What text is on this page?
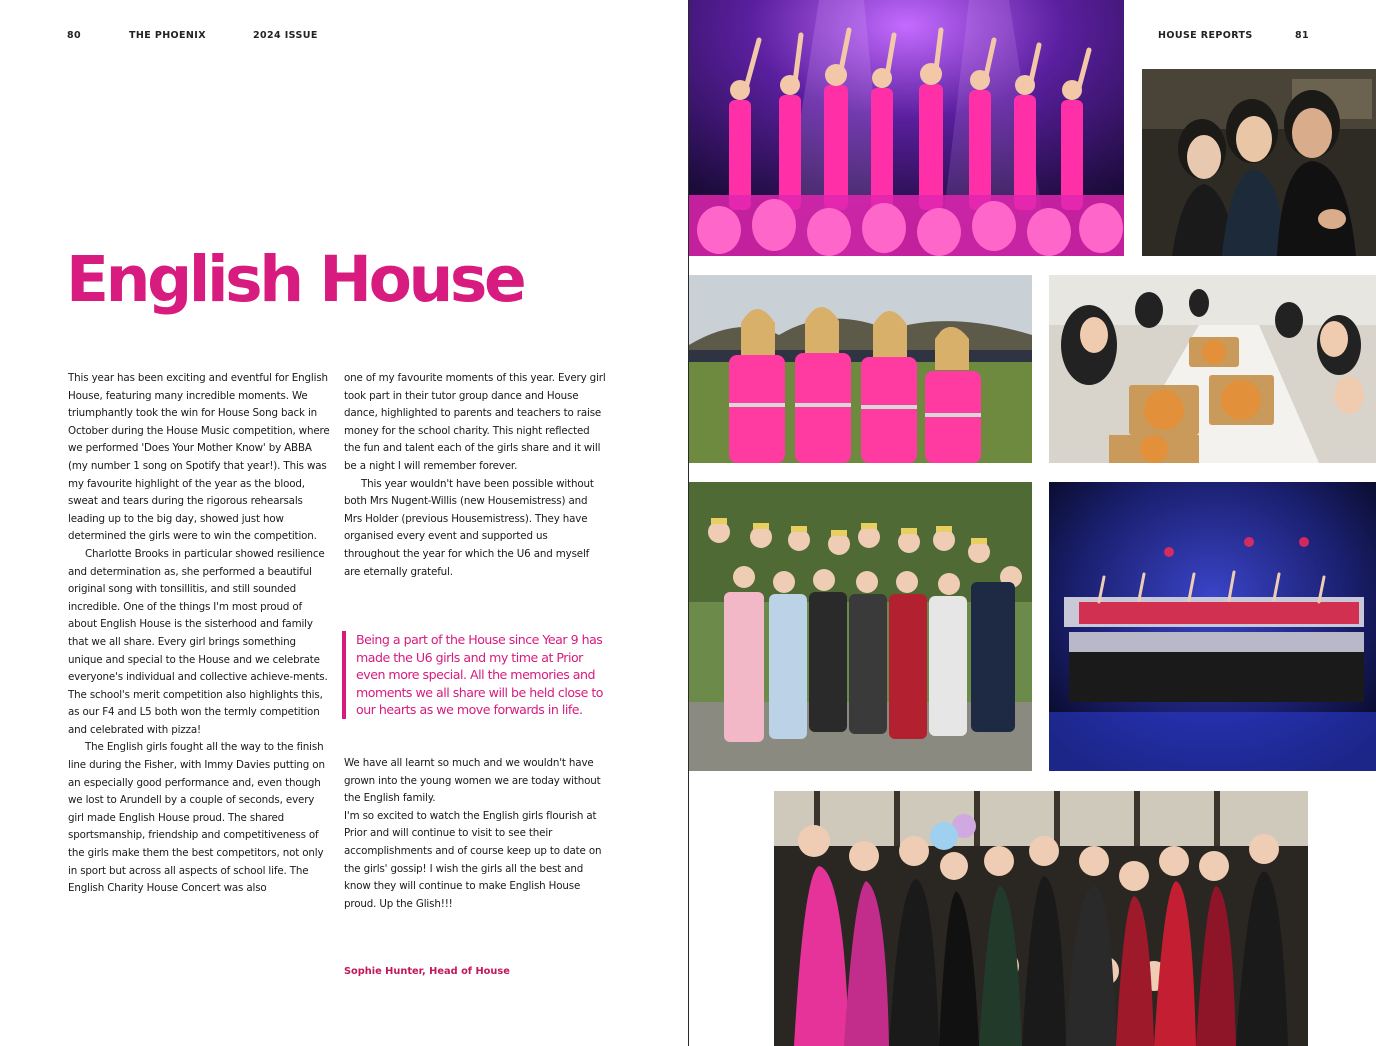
80	THE PHOENIX	2024 ISSUE
English House

This year has been exciting and eventful for English House, featuring many incredible moments. We triumphantly took the win for House Song back in October during the House Music competition, where we performed 'Does Your Mother Know' by ABBA (my number 1 song on Spotify that year!). This was my favourite highlight of the year as the blood, sweat and tears during the rigorous rehearsals leading up to the big day, showed just how determined the girls were to win the competition.

Charlotte Brooks in particular showed resilience and determination as, she performed a beautiful original song with tonsillitis, and still sounded incredible. One of the things I'm most proud of about English House is the sisterhood and family that we all share. Every girl brings something unique and special to the House and we celebrate everyone's individual and collective achieve-ments. The school's merit competition also highlights this, as our F4 and L5 both won the termly competition and celebrated with pizza!

The English girls fought all the way to the finish line during the Fisher, with Immy Davies putting on an especially good performance and, even though we lost to Arundell by a couple of seconds, every girl made English House proud. The shared sportsmanship, friendship and competitiveness of the girls make them the best competitors, not only in sport but across all aspects of school life. The English Charity House Concert was also

one of my favourite moments of this year. Every girl took part in their tutor group dance and House dance, highlighted to parents and teachers to raise money for the school charity. This night reflected the fun and talent each of the girls share and it will be a night I will remember forever.

This year wouldn't have been possible without both Mrs Nugent-Willis (new Housemistress) and Mrs Holder (previous Housemistress). They have organised every event and supported us throughout the year for which the U6 and myself are eternally grateful.

Being a part of the House since Year 9 has made the U6 girls and my time at Prior even more special. All the memories and moments we all share will be held close to our hearts as we move forwards in life.

We have all learnt so much and we wouldn't have grown into the young women we are today without the English family.

I'm so excited to watch the English girls flourish at Prior and will continue to visit to see their accomplishments and of course keep up to date on the girls' gossip! I wish the girls all the best and know they will continue to make English House proud. Up the Glish!!!

Sophie Hunter, Head of House
HOUSE REPORTS	81
